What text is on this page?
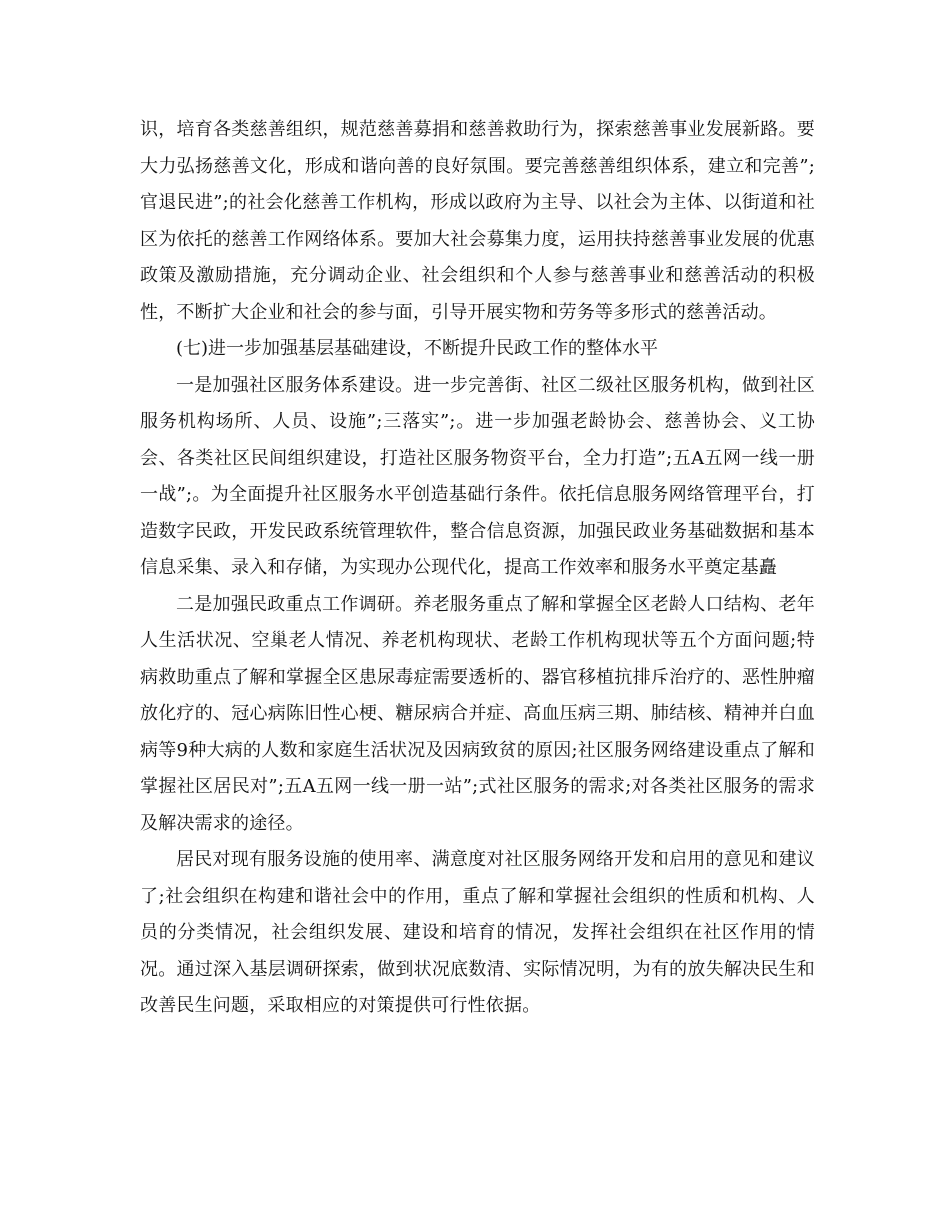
识，培育各类慈善组织，规范慈善募捐和慈善救助行为，探索慈善事业发展新路。要大力弘扬慈善文化，形成和谐向善的良好氛围。要完善慈善组织体系，建立和完善”;官退民进”;的社会化慈善工作机构，形成以政府为主导、以社会为主体、以街道和社区为依托的慈善工作网络体系。要加大社会募集力度，运用扶持慈善事业发展的优惠政策及激励措施，充分调动企业、社会组织和个人参与慈善事业和慈善活动的积极性，不断扩大企业和社会的参与面，引导开展实物和劳务等多形式的慈善活动。

(七)进一步加强基层基础建设，不断提升民政工作的整体水平

一是加强社区服务体系建设。进一步完善街、社区二级社区服务机构，做到社区服务机构场所、人员、设施”;三落实”;。进一步加强老龄协会、慈善协会、义工协会、各类社区民间组织建设，打造社区服务物资平台，全力打造”;五A五网一线一册一战”;。为全面提升社区服务水平创造基础行条件。依托信息服务网络管理平台，打造数字民政，开发民政系统管理软件，整合信息资源，加强民政业务基础数据和基本信息采集、录入和存储，为实现办公现代化，提高工作效率和服务水平奠定基矗

二是加强民政重点工作调研。养老服务重点了解和掌握全区老龄人口结构、老年人生活状况、空巢老人情况、养老机构现状、老龄工作机构现状等五个方面问题;特病救助重点了解和掌握全区患尿毒症需要透析的、器官移植抗排斥治疗的、恶性肿瘤放化疗的、冠心病陈旧性心梗、糖尿病合并症、高血压病三期、肺结核、精神并白血病等9种大病的人数和家庭生活状况及因病致贫的原因;社区服务网络建设重点了解和掌握社区居民对”;五A五网一线一册一站”;式社区服务的需求;对各类社区服务的需求及解决需求的途径。

居民对现有服务设施的使用率、满意度对社区服务网络开发和启用的意见和建议了;社会组织在构建和谐社会中的作用，重点了解和掌握社会组织的性质和机构、人员的分类情况，社会组织发展、建设和培育的情况，发挥社会组织在社区作用的情况。通过深入基层调研探索，做到状况底数清、实际情况明，为有的放失解决民生和改善民生问题，采取相应的对策提供可行性依据。
